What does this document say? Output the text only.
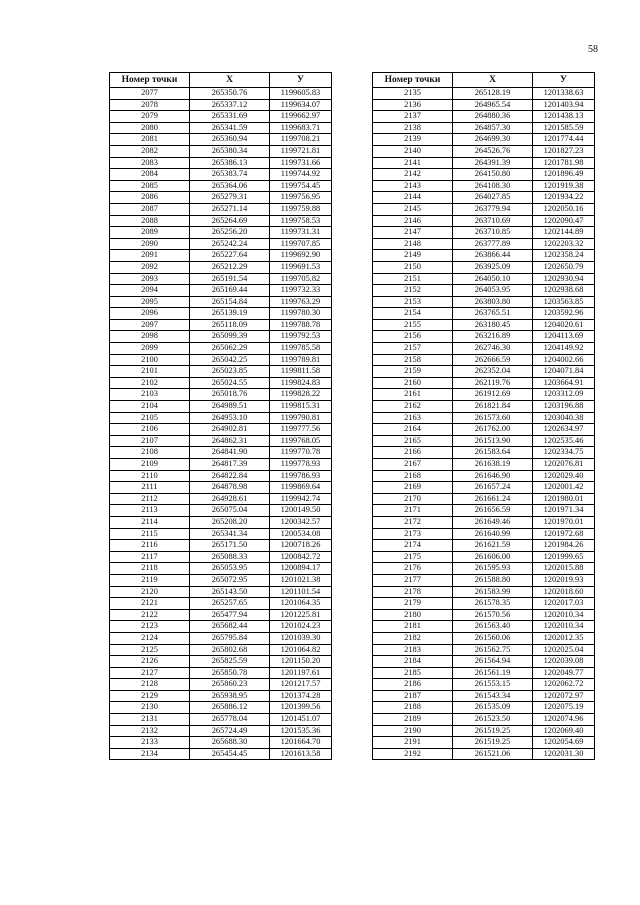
58
Номер точки	X	У
2077	265350.76	1199605.83
2078	265337.12	1199634.07
2079	265331.69	1199662.97
2080	265341.59	1199683.71
2081	265360.94	1199708.21
2082	265380.34	1199721.81
2083	265386.13	1199731.66
2084	265383.74	1199744.92
2085	265364.06	1199754.45
2086	265279.31	1199756.95
2087	265271.14	1199759.88
2088	265264.69	1199758.53
2089	265256.20	1199731.31
2090	265242.24	1199707.85
2091	265227.64	1199692.90
2092	265212.29	1199691.53
2093	265191.54	1199705.82
2094	265169.44	1199732.33
2095	265154.84	1199763.29
2096	265139.19	1199780.30
2097	265118.09	1199788.78
2098	265099.39	1199792.53
2099	265062.29	1199785.58
2100	265042.25	1199789.81
2101	265023.85	1199811.58
2102	265024.55	1199824.83
2103	265018.76	1199828.22
2104	264989.51	1199815.31
2105	264953.10	1199790.81
2106	264902.81	1199777.56
2107	264862.31	1199768.05
2108	264841.90	1199770.78
2109	264817.39	1199778.93
2110	264822.84	1199786.93
2111	264878.98	1199869.64
2112	264928.61	1199942.74
2113	265075.04	1200149.50
2114	265208.20	1200342.57
2115	265341.34	1200534.08
2116	265171.50	1200718.26
2117	265088.33	1200842.72
2118	265053.95	1200894.17
2119	265072.95	1201021.38
2120	265143.50	1201101.54
2121	265257.65	1201064.35
2122	265477.94	1201225.81
2123	265682.44	1201024.23
2124	265795.84	1201039.30
2125	265802.68	1201064.82
2126	265825.59	1201150.20
2127	265850.78	1201197.61
2128	265860.23	1201217.57
2129	265938.95	1201374.28
2130	265886.12	1201399.56
2131	265778.04	1201451.07
2132	265724.49	1201535.36
2133	265688.30	1201664.70
2134	265454.45	1201613.58
Номер точки	X	У
2135	265128.19	1201338.63
2136	264965.54	1201403.94
2137	264880.36	1201438.13
2138	264857.30	1201585.59
2139	264699.30	1201774.44
2140	264526.76	1201827.23
2141	264391.39	1201781.98
2142	264150.80	1201896.49
2143	264108.30	1201919.38
2144	264027.85	1201934.22
2145	263779.94	1202050.16
2146	263710.69	1202090.47
2147	263710.85	1202144.89
2148	263777.89	1202203.32
2149	263866.44	1202358.24
2150	263925.09	1202650.79
2151	264050.10	1202930.94
2152	264053.95	1202938.68
2153	263803.80	1203563.85
2154	263765.51	1203592.96
2155	263180.45	1204020.61
2156	263216.89	1204113.69
2157	262746.30	1204149.92
2158	262666.59	1204002.66
2159	262352.04	1204071.84
2160	262119.76	1203664.91
2161	261912.69	1203312.09
2162	261821.84	1203196.88
2163	261573.60	1203040.38
2164	261762.00	1202634.97
2165	261513.90	1202535.46
2166	261583.64	1202334.75
2167	261638.19	1202076.81
2168	261646.90	1202029.40
2169	261657.24	1202001.42
2170	261661.24	1201980.01
2171	261656.59	1201971.34
2172	261649.46	1201970.01
2173	261640.99	1201972.68
2174	261621.59	1201984.26
2175	261606.00	1201999.65
2176	261595.93	1202015.88
2177	261588.80	1202019.93
2178	261583.99	1202018.60
2179	261578.35	1202017.03
2180	261570.56	1202010.34
2181	261563.40	1202010.34
2182	261560.06	1202012.35
2183	261562.75	1202025.04
2184	261564.94	1202039.08
2185	261561.19	1202049.77
2186	261553.15	1202062.72
2187	261543.34	1202072.97
2188	261535.09	1202075.19
2189	261523.50	1202074.96
2190	261519.25	1202069.40
2191	261519.25	1202054.69
2192	261521.06	1202031.30
